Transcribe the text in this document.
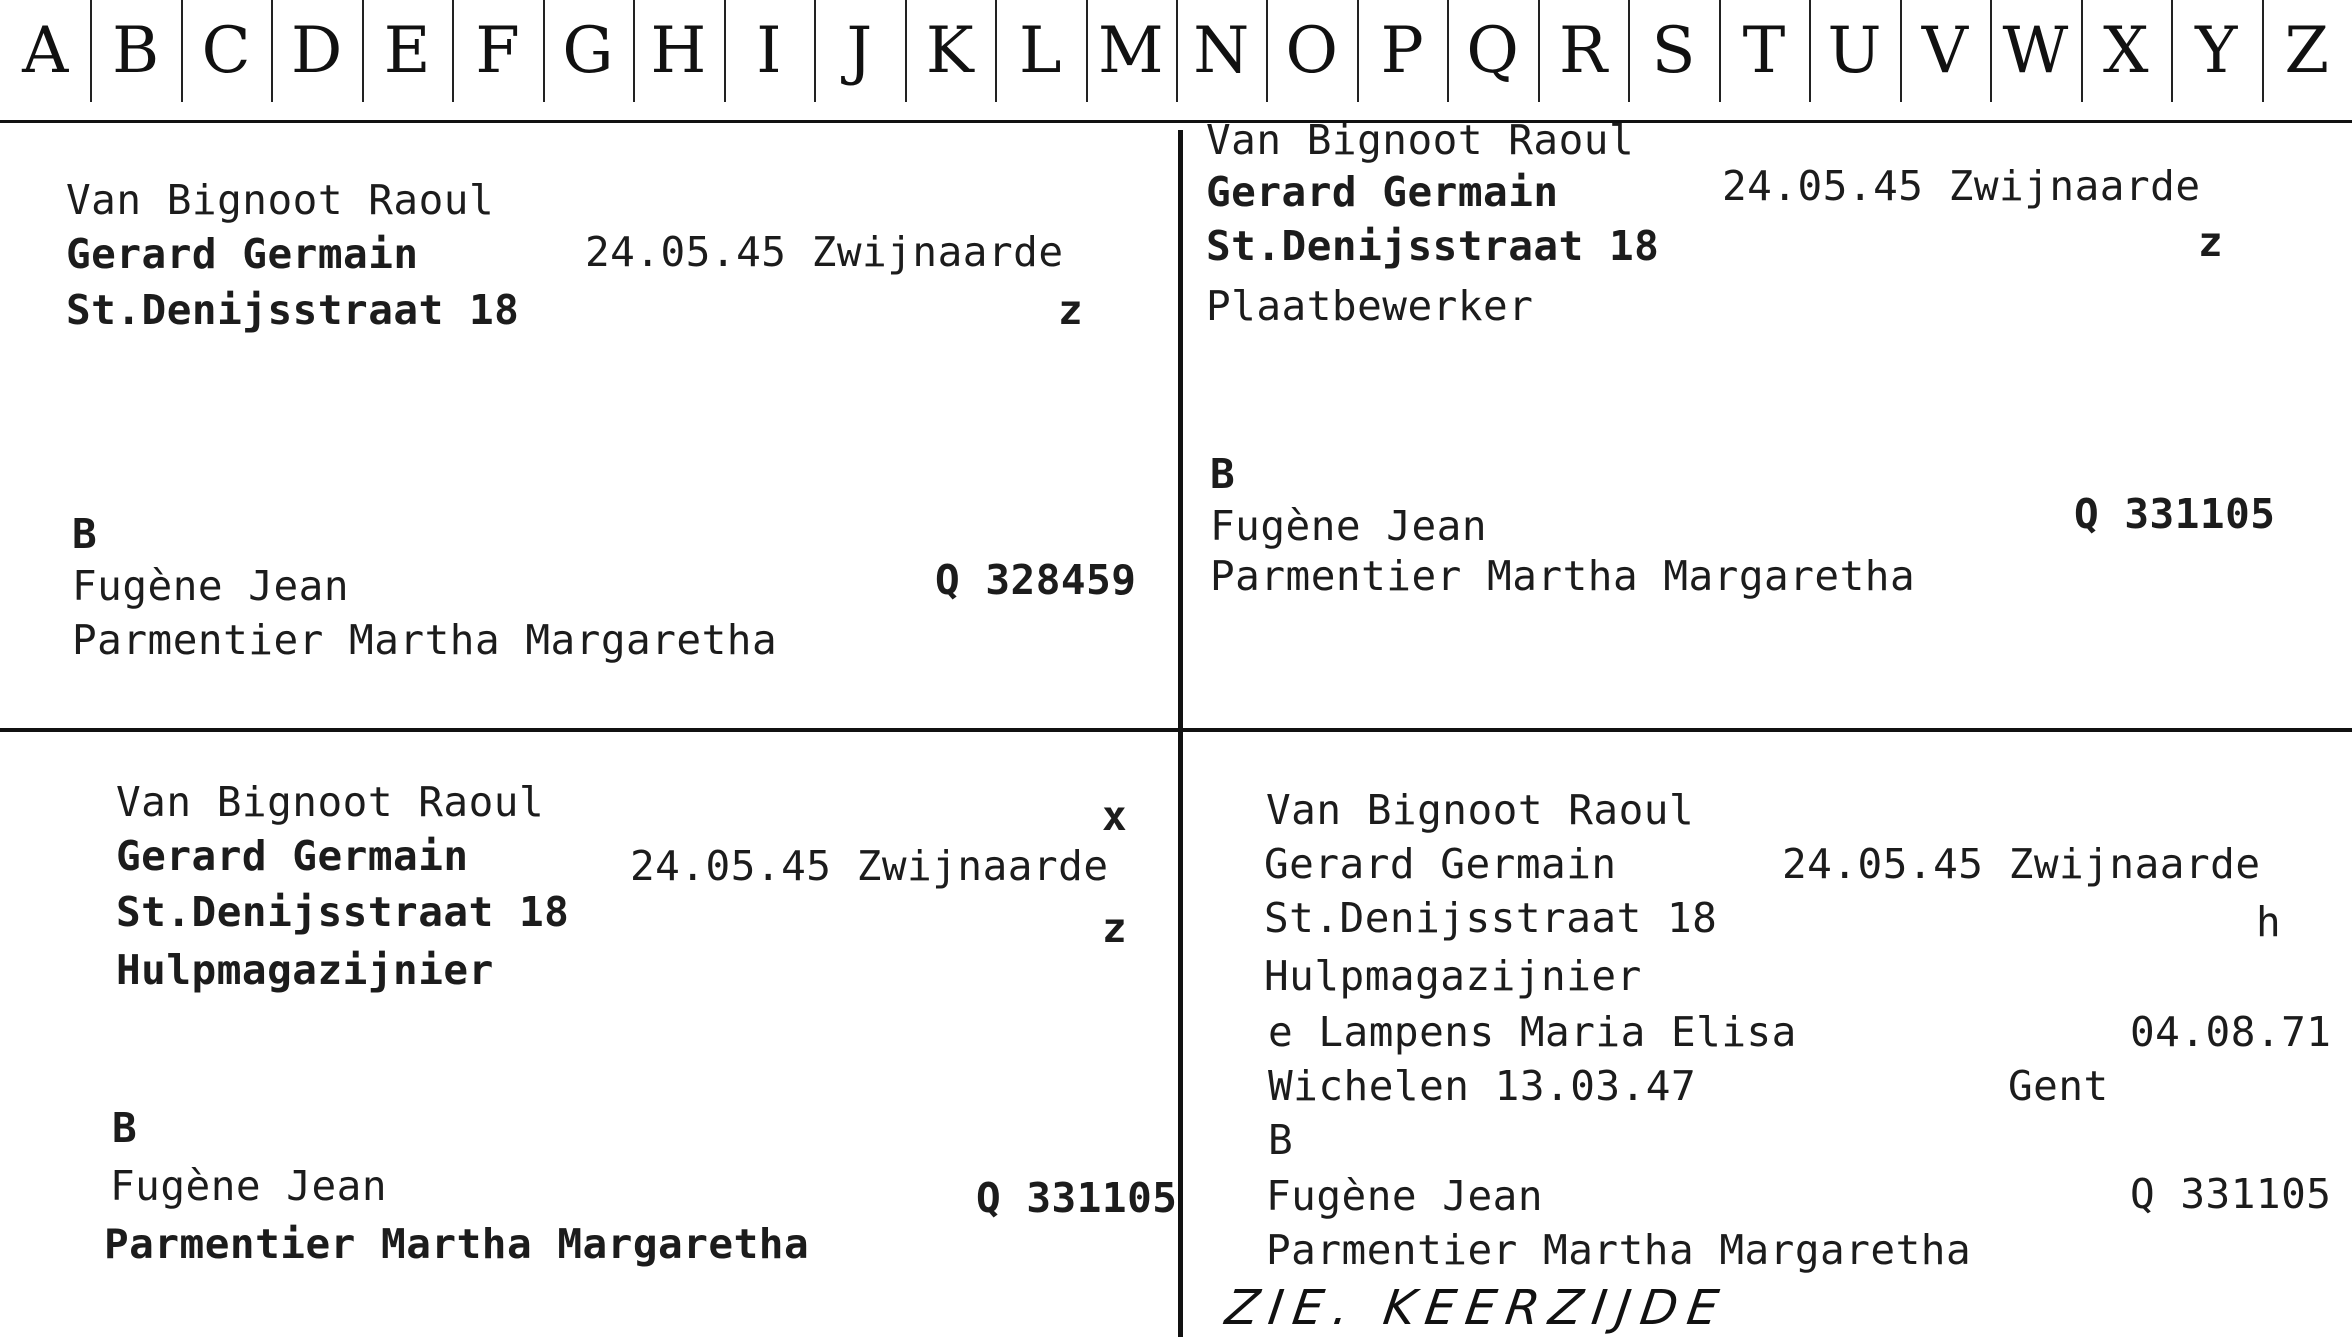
A B C D E F G H I	J K L M N O P Q R S T U V W X Y Z
Van Bignoot Raoul
Gerard Germain	24.05.45 Zwijnaarde
St.Denijsstraat 18	z
B
Fugène Jean	Q 328459
Parmentier Martha Margaretha
Van Bignoot Raoul
Gerard Germain	24.05.45 Zwijnaarde
St.Denijsstraat 18	z
Plaatbewerker
B
Fugène Jean	Q 331105
Parmentier Martha Margaretha
Van Bignoot Raoul	x
Gerard Germain	24.05.45 Zwijnaarde
St.Denijsstraat 18	z
Hulpmagazijnier
B
Fugène Jean	Q 331105
Parmentier Martha Margaretha
Van Bignoot Raoul
Gerard Germain	24.05.45 Zwijnaarde
St.Denijsstraat 18	h
Hulpmagazijnier
e Lampens Maria Elisa	04.08.71
Wichelen 13.03.47	Gent
B
Fugène Jean	Q 331105
Parmentier Martha Margaretha
ZIE. KEERZIJDE
